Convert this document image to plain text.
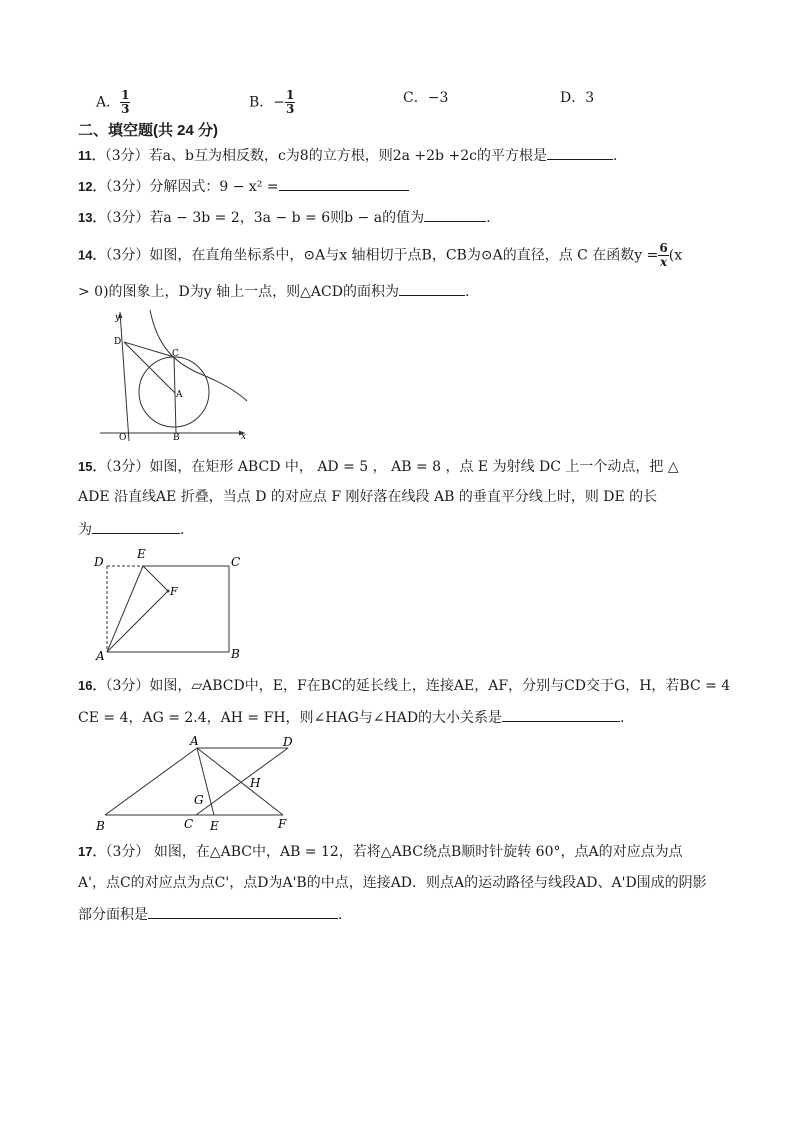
A． $\frac{1}{3}$	B．− $\frac{1}{3}$	C．−3	D．3
二、填空题(共 24 分)
11．（3分）若a、b互为相反数，c为8的立方根，则2a +2b +2c的平方根是	.
12．（3分）分解因式：9 − x² =
13．（3分）若a − 3b = 2，3a − b = 6则b − a的值为	.
14．（3分）如图，在直角坐标系中，⊙A与x 轴相切于点B，CB为⊙A的直径，点 C 在函数$y = \frac{6}{x} (x$
> 0)的图象上，D为y 轴上一点，则△ACD的面积为	.
y
x
D
C
A
O	B
15．（3分）如图，在矩形 ABCD 中， AD = 5 ， AB = 8 ，点 E 为射线 DC 上一个动点，把 △
ADE 沿直线AE 折叠，当点 D 的对应点 F 刚好落在线段 AB 的垂直平分线上时，则 DE 的长
为	.
D
E
C
F
A	B
16．（3分）如图，▱ABCD中，E，F在BC的延长线上，连接AE，AF，分别与CD交于G，H，若BC = 4
CE = 4，AG = 2.4，AH = FH，则∠HAG与∠HAD的大小关系是	.
A	D
H
G
B	C E	F
17．（3分） 如图，在△ABC中，AB = 12，若将△ABC绕点B顺时针旋转 60°，点A的对应点为点
A'，点C的对应点为点C'，点D为A'B的中点，连接AD．则点A的运动路径与线段AD、A'D围成的阴影
部分面积是	.
